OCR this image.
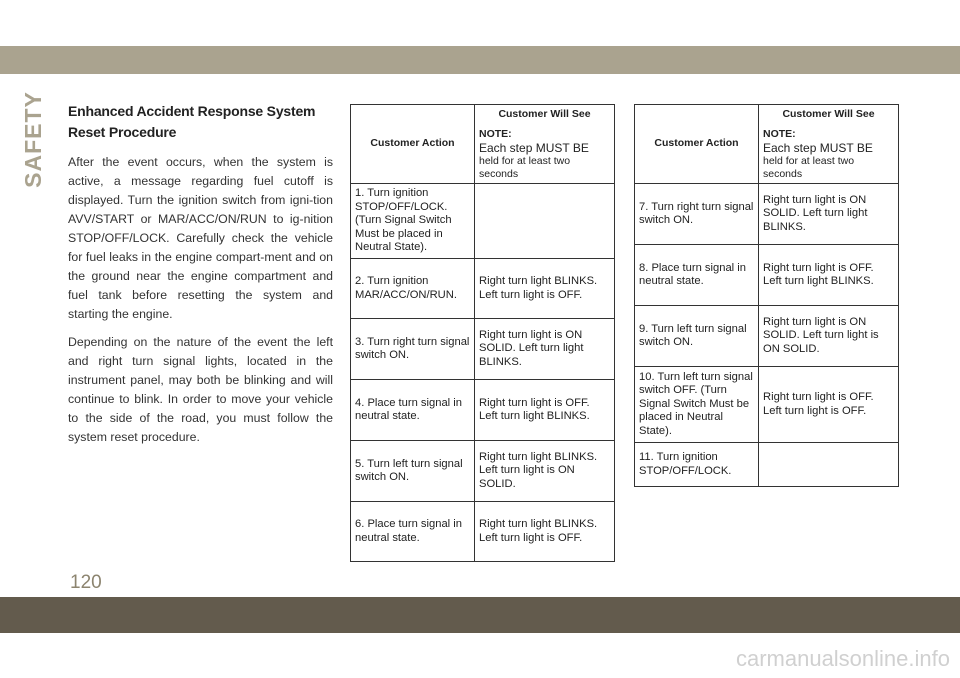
SAFETY Enhanced Accident Response System Reset Procedure

After the event occurs, when the system is active, a message regarding fuel cutoff is displayed. Turn the ignition switch from igni-tion AVV/START or MAR/ACC/ON/RUN to ig-nition STOP/OFF/LOCK. Carefully check the vehicle for fuel leaks in the engine compart-ment and on the ground near the engine compartment and fuel tank before resetting the system and starting the engine.

Depending on the nature of the event the left and right turn signal lights, located in the instrument panel, may both be blinking and will continue to blink. In order to move your vehicle to the side of the road, you must follow the system reset procedure.

Customer Action	Customer Will See
NOTE:
Each step MUST BE
held for at least two seconds

1. Turn ignition STOP/OFF/LOCK. (Turn Signal Switch Must be placed in Neutral State).	
2. Turn ignition MAR/ACC/ON/RUN.	Right turn light BLINKS. Left turn light is OFF.
3. Turn right turn signal switch ON.	Right turn light is ON SOLID. Left turn light BLINKS.
4. Place turn signal in neutral state.	Right turn light is OFF. Left turn light BLINKS.
5. Turn left turn signal switch ON.	Right turn light BLINKS. Left turn light is ON SOLID.
6. Place turn signal in neutral state.	Right turn light BLINKS. Left turn light is OFF.
Customer Action	Customer Will See
NOTE:
Each step MUST BE
held for at least two seconds

7. Turn right turn signal switch ON.	Right turn light is ON SOLID. Left turn light BLINKS.
8. Place turn signal in neutral state.	Right turn light is OFF. Left turn light BLINKS.
9. Turn left turn signal switch ON.	Right turn light is ON SOLID. Left turn light is ON SOLID.
10. Turn left turn signal switch OFF. (Turn Signal Switch Must be placed in Neutral State).	Right turn light is OFF. Left turn light is OFF.
11. Turn ignition STOP/OFF/LOCK.	
120
carmanualsonline.info
